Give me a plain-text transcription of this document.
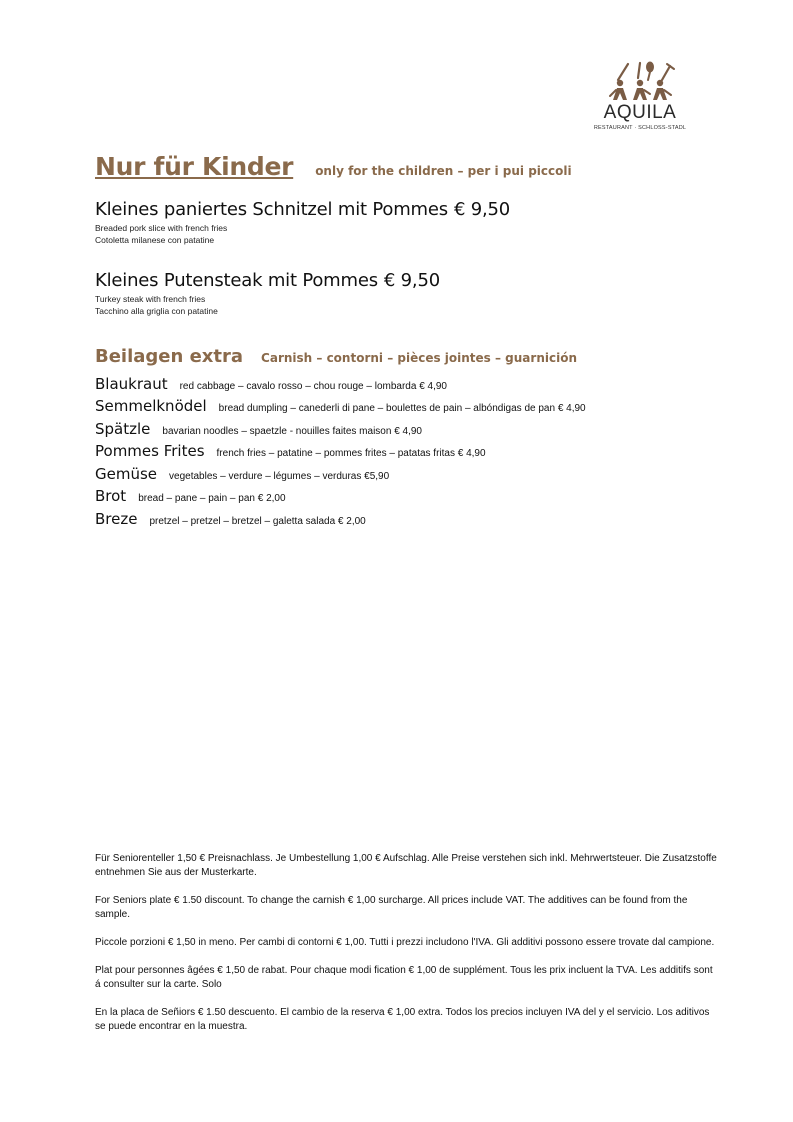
AQUILA
RESTAURANT · SCHLOSS-STADL
Nur für Kinder only for the children – per i pui piccoli
Kleines paniertes Schnitzel mit Pommes € 9,50
Breaded pork slice with french fries
Cotoletta milanese con patatine
Kleines Putensteak mit Pommes € 9,50
Turkey steak with french fries
Tacchino alla griglia con patatine
Beilagen extra Carnish – contorni – pièces jointes – guarnición
Blaukraut red cabbage – cavalo rosso – chou rouge – lombarda € 4,90
Semmelknödel bread dumpling – canederli di pane – boulettes de pain – albóndigas de pan € 4,90
Spätzle bavarian noodles – spaetzle - nouilles faites maison € 4,90
Pommes Frites french fries – patatine – pommes frites – patatas fritas € 4,90
Gemüse vegetables – verdure – légumes – verduras €5,90
Brot bread – pane – pain – pan € 2,00
Breze pretzel – pretzel – bretzel – galetta salada € 2,00

Für Seniorenteller 1,50 € Preisnachlass. Je Umbestellung 1,00 € Aufschlag. Alle Preise verstehen sich inkl. Mehrwertsteuer. Die Zusatzstoffe entnehmen Sie aus der Musterkarte.

For Seniors plate € 1.50 discount. To change the carnish € 1,00 surcharge. All prices include VAT. The additives can be found from the sample.

Piccole porzioni € 1,50 in meno. Per cambi di contorni € 1,00. Tutti i prezzi includono l'IVA. Gli additivi possono essere trovate dal campione.

Plat pour personnes âgées € 1,50 de rabat. Pour chaque modi fication € 1,00 de supplément. Tous les prix incluent la TVA. Les additifs sont á consulter sur la carte. Solo

En la placa de Señiors € 1.50 descuento. El cambio de la reserva € 1,00 extra. Todos los precios incluyen IVA del y el servicio. Los aditivos se puede encontrar en la muestra.
